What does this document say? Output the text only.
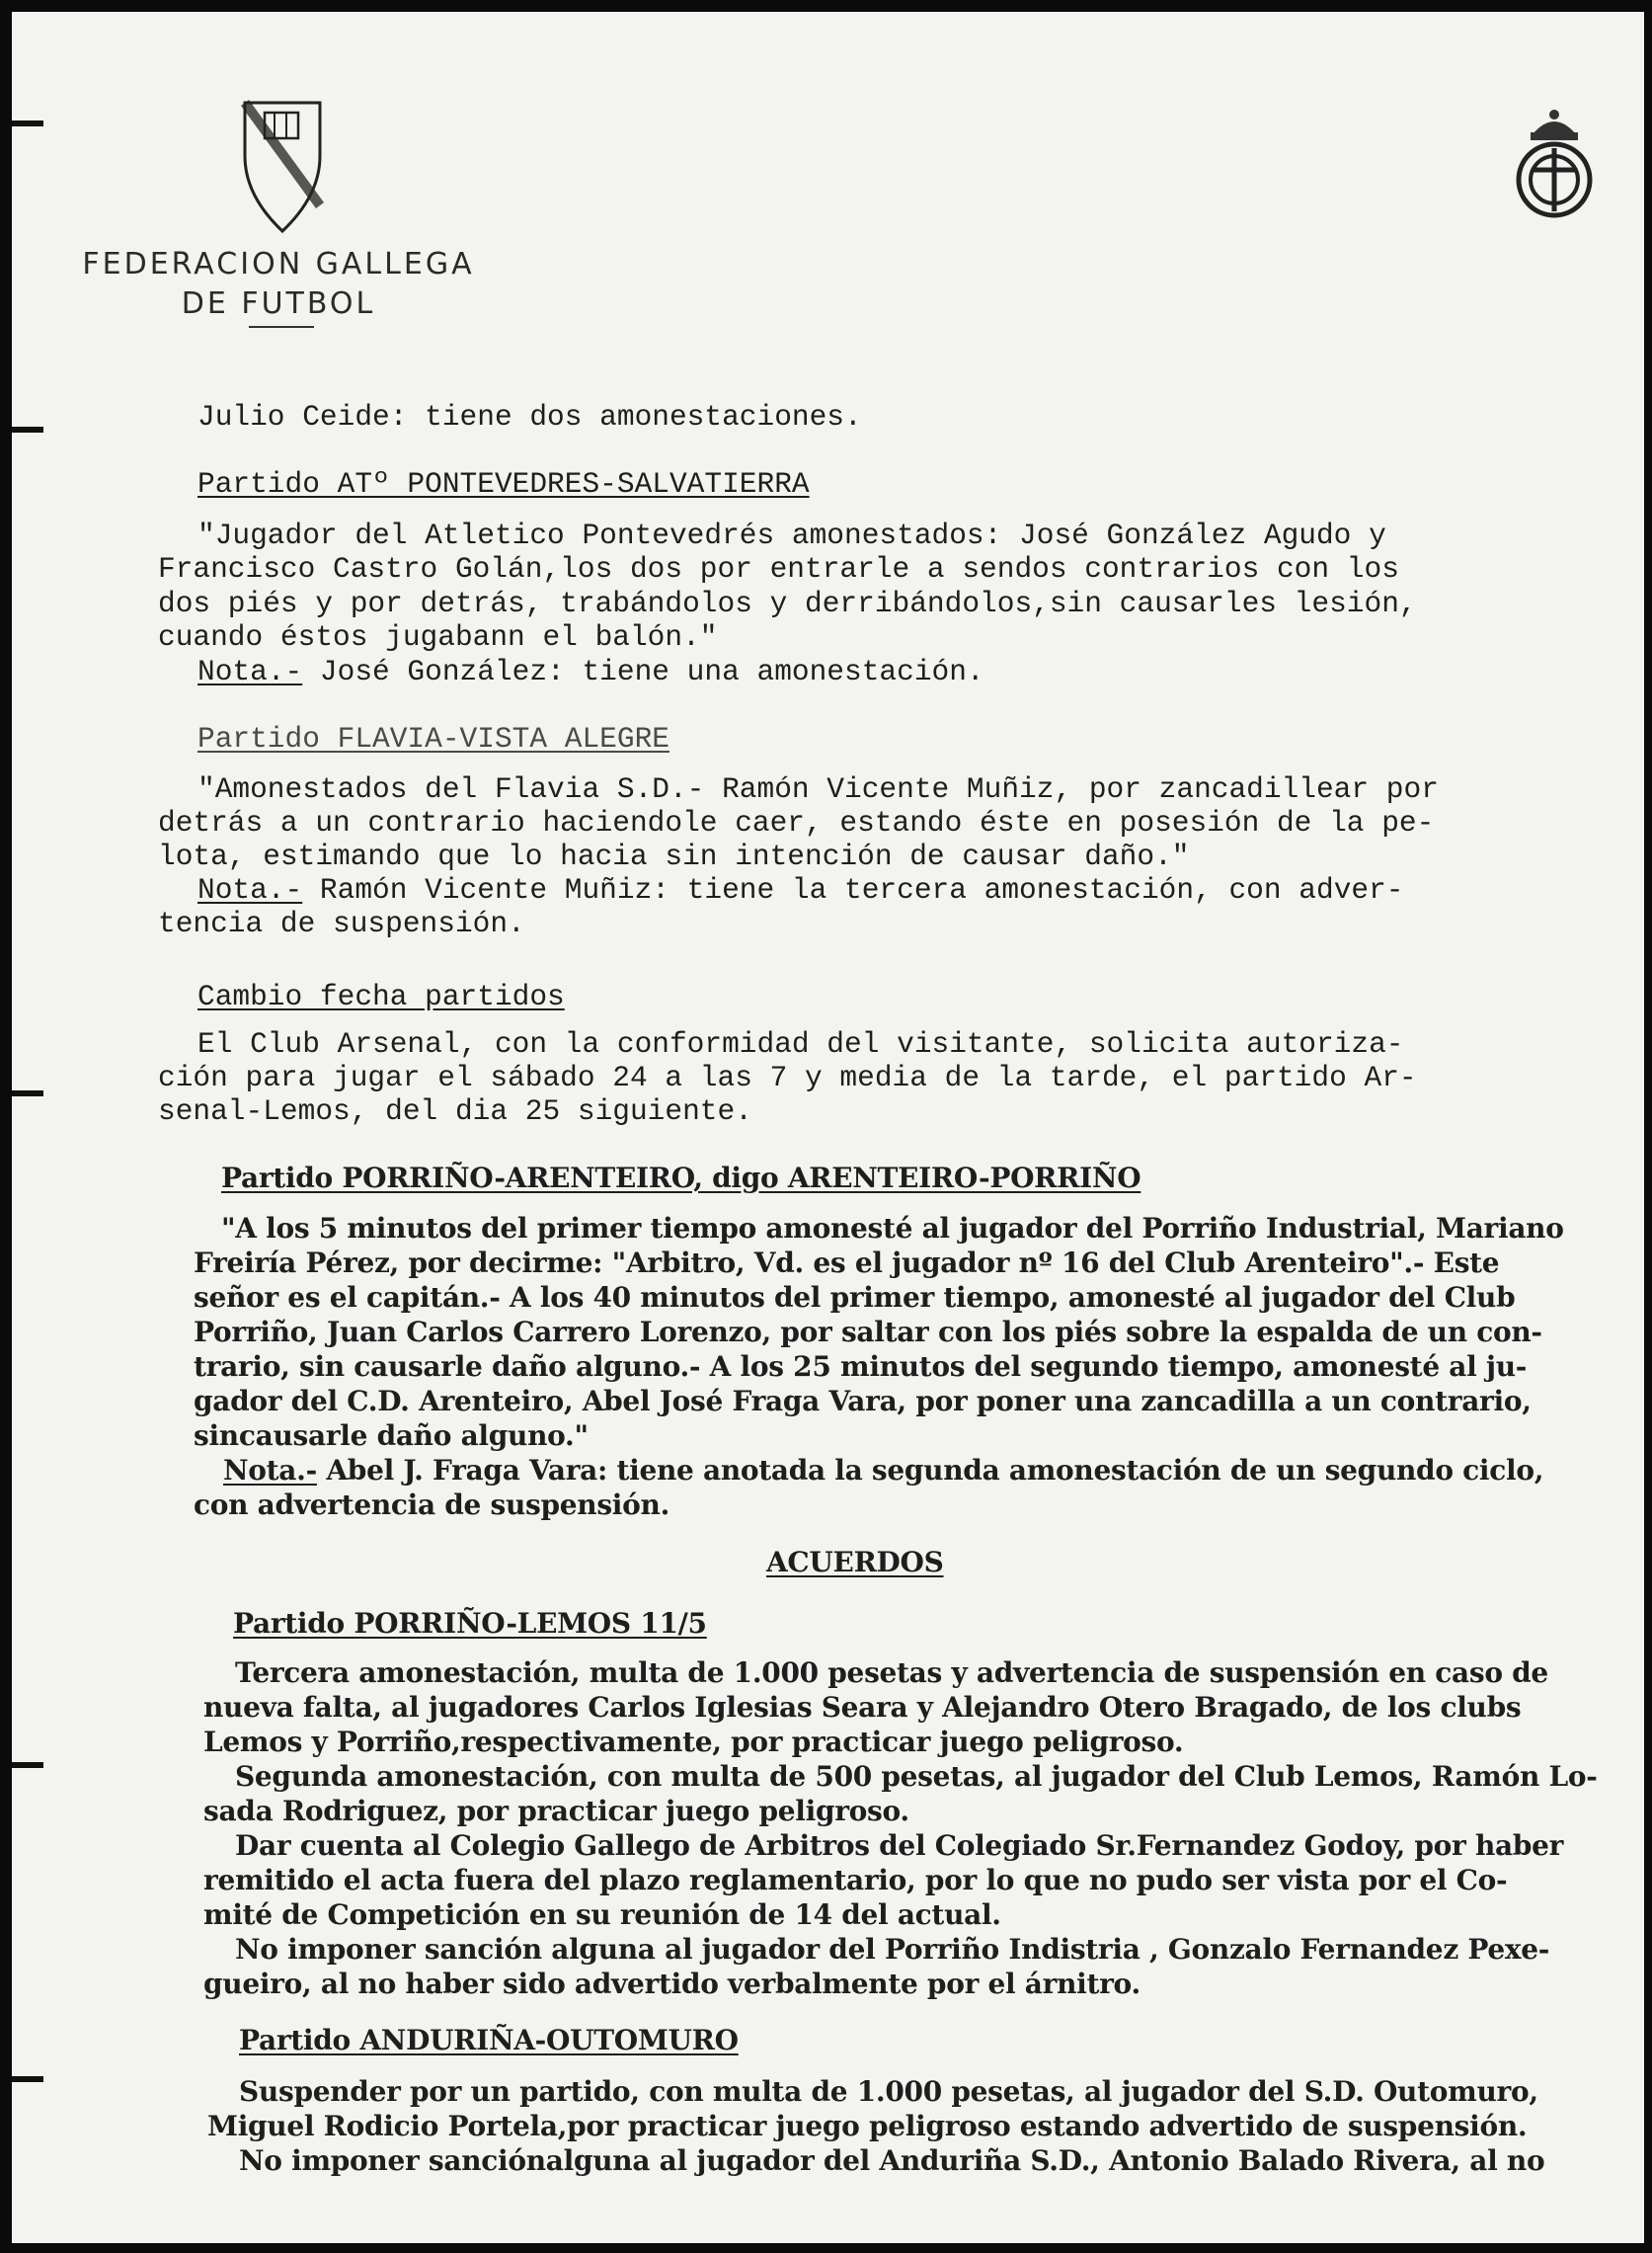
FEDERACION GALLEGA
DE FUTBOL
Julio Ceide: tiene dos amonestaciones.
Partido ATº PONTEVEDRES-SALVATIERRA
"Jugador del Atletico Pontevedrés amonestados: José González Agudo y
Francisco Castro Golán,los dos por entrarle a sendos contrarios con los
dos piés y por detrás, trabándolos y derribándolos,sin causarles lesión,
cuando éstos jugabann el balón."
Nota.- José González: tiene una amonestación.
Partido FLAVIA-VISTA ALEGRE
"Amonestados del Flavia S.D.- Ramón Vicente Muñiz, por zancadillear por
detrás a un contrario haciendole caer, estando éste en posesión de la pe-
lota, estimando que lo hacia sin intención de causar daño."
Nota.- Ramón Vicente Muñiz: tiene la tercera amonestación, con adver-
tencia de suspensión.
Cambio fecha partidos
El Club Arsenal, con la conformidad del visitante, solicita autoriza-
ción para jugar el sábado 24 a las 7 y media de la tarde, el partido Ar-
senal-Lemos, del dia 25 siguiente.
Partido PORRIÑO-ARENTEIRO, digo ARENTEIRO-PORRIÑO
"A los 5 minutos del primer tiempo amonesté al jugador del Porriño Industrial, Mariano
Freiría Pérez, por decirme: "Arbitro, Vd. es el jugador nº 16 del Club Arenteiro".- Este
señor es el capitán.- A los 40 minutos del primer tiempo, amonesté al jugador del Club
Porriño, Juan Carlos Carrero Lorenzo, por saltar con los piés sobre la espalda de un con-
trario, sin causarle daño alguno.- A los 25 minutos del segundo tiempo, amonesté al ju-
gador del C.D. Arenteiro, Abel José Fraga Vara, por poner una zancadilla a un contrario,
sincausarle daño alguno."
Nota.- Abel J. Fraga Vara: tiene anotada la segunda amonestación de un segundo ciclo,
con advertencia de suspensión.
ACUERDOS
Partido PORRIÑO-LEMOS 11/5
Tercera amonestación, multa de 1.000 pesetas y advertencia de suspensión en caso de
nueva falta, al jugadores Carlos Iglesias Seara y Alejandro Otero Bragado, de los clubs
Lemos y Porriño,respectivamente, por practicar juego peligroso.
Segunda amonestación, con multa de 500 pesetas, al jugador del Club Lemos, Ramón Lo-
sada Rodriguez, por practicar juego peligroso.
Dar cuenta al Colegio Gallego de Arbitros del Colegiado Sr.Fernandez Godoy, por haber
remitido el acta fuera del plazo reglamentario, por lo que no pudo ser vista por el Co-
mité de Competición en su reunión de 14 del actual.
No imponer sanción alguna al jugador del Porriño Indistria , Gonzalo Fernandez Pexe-
gueiro, al no haber sido advertido verbalmente por el árnitro.
Partido ANDURIÑA-OUTOMURO
Suspender por un partido, con multa de 1.000 pesetas, al jugador del S.D. Outomuro,
Miguel Rodicio Portela,por practicar juego peligroso estando advertido de suspensión.
No imponer sanciónalguna al jugador del Anduriña S.D., Antonio Balado Rivera, al no
